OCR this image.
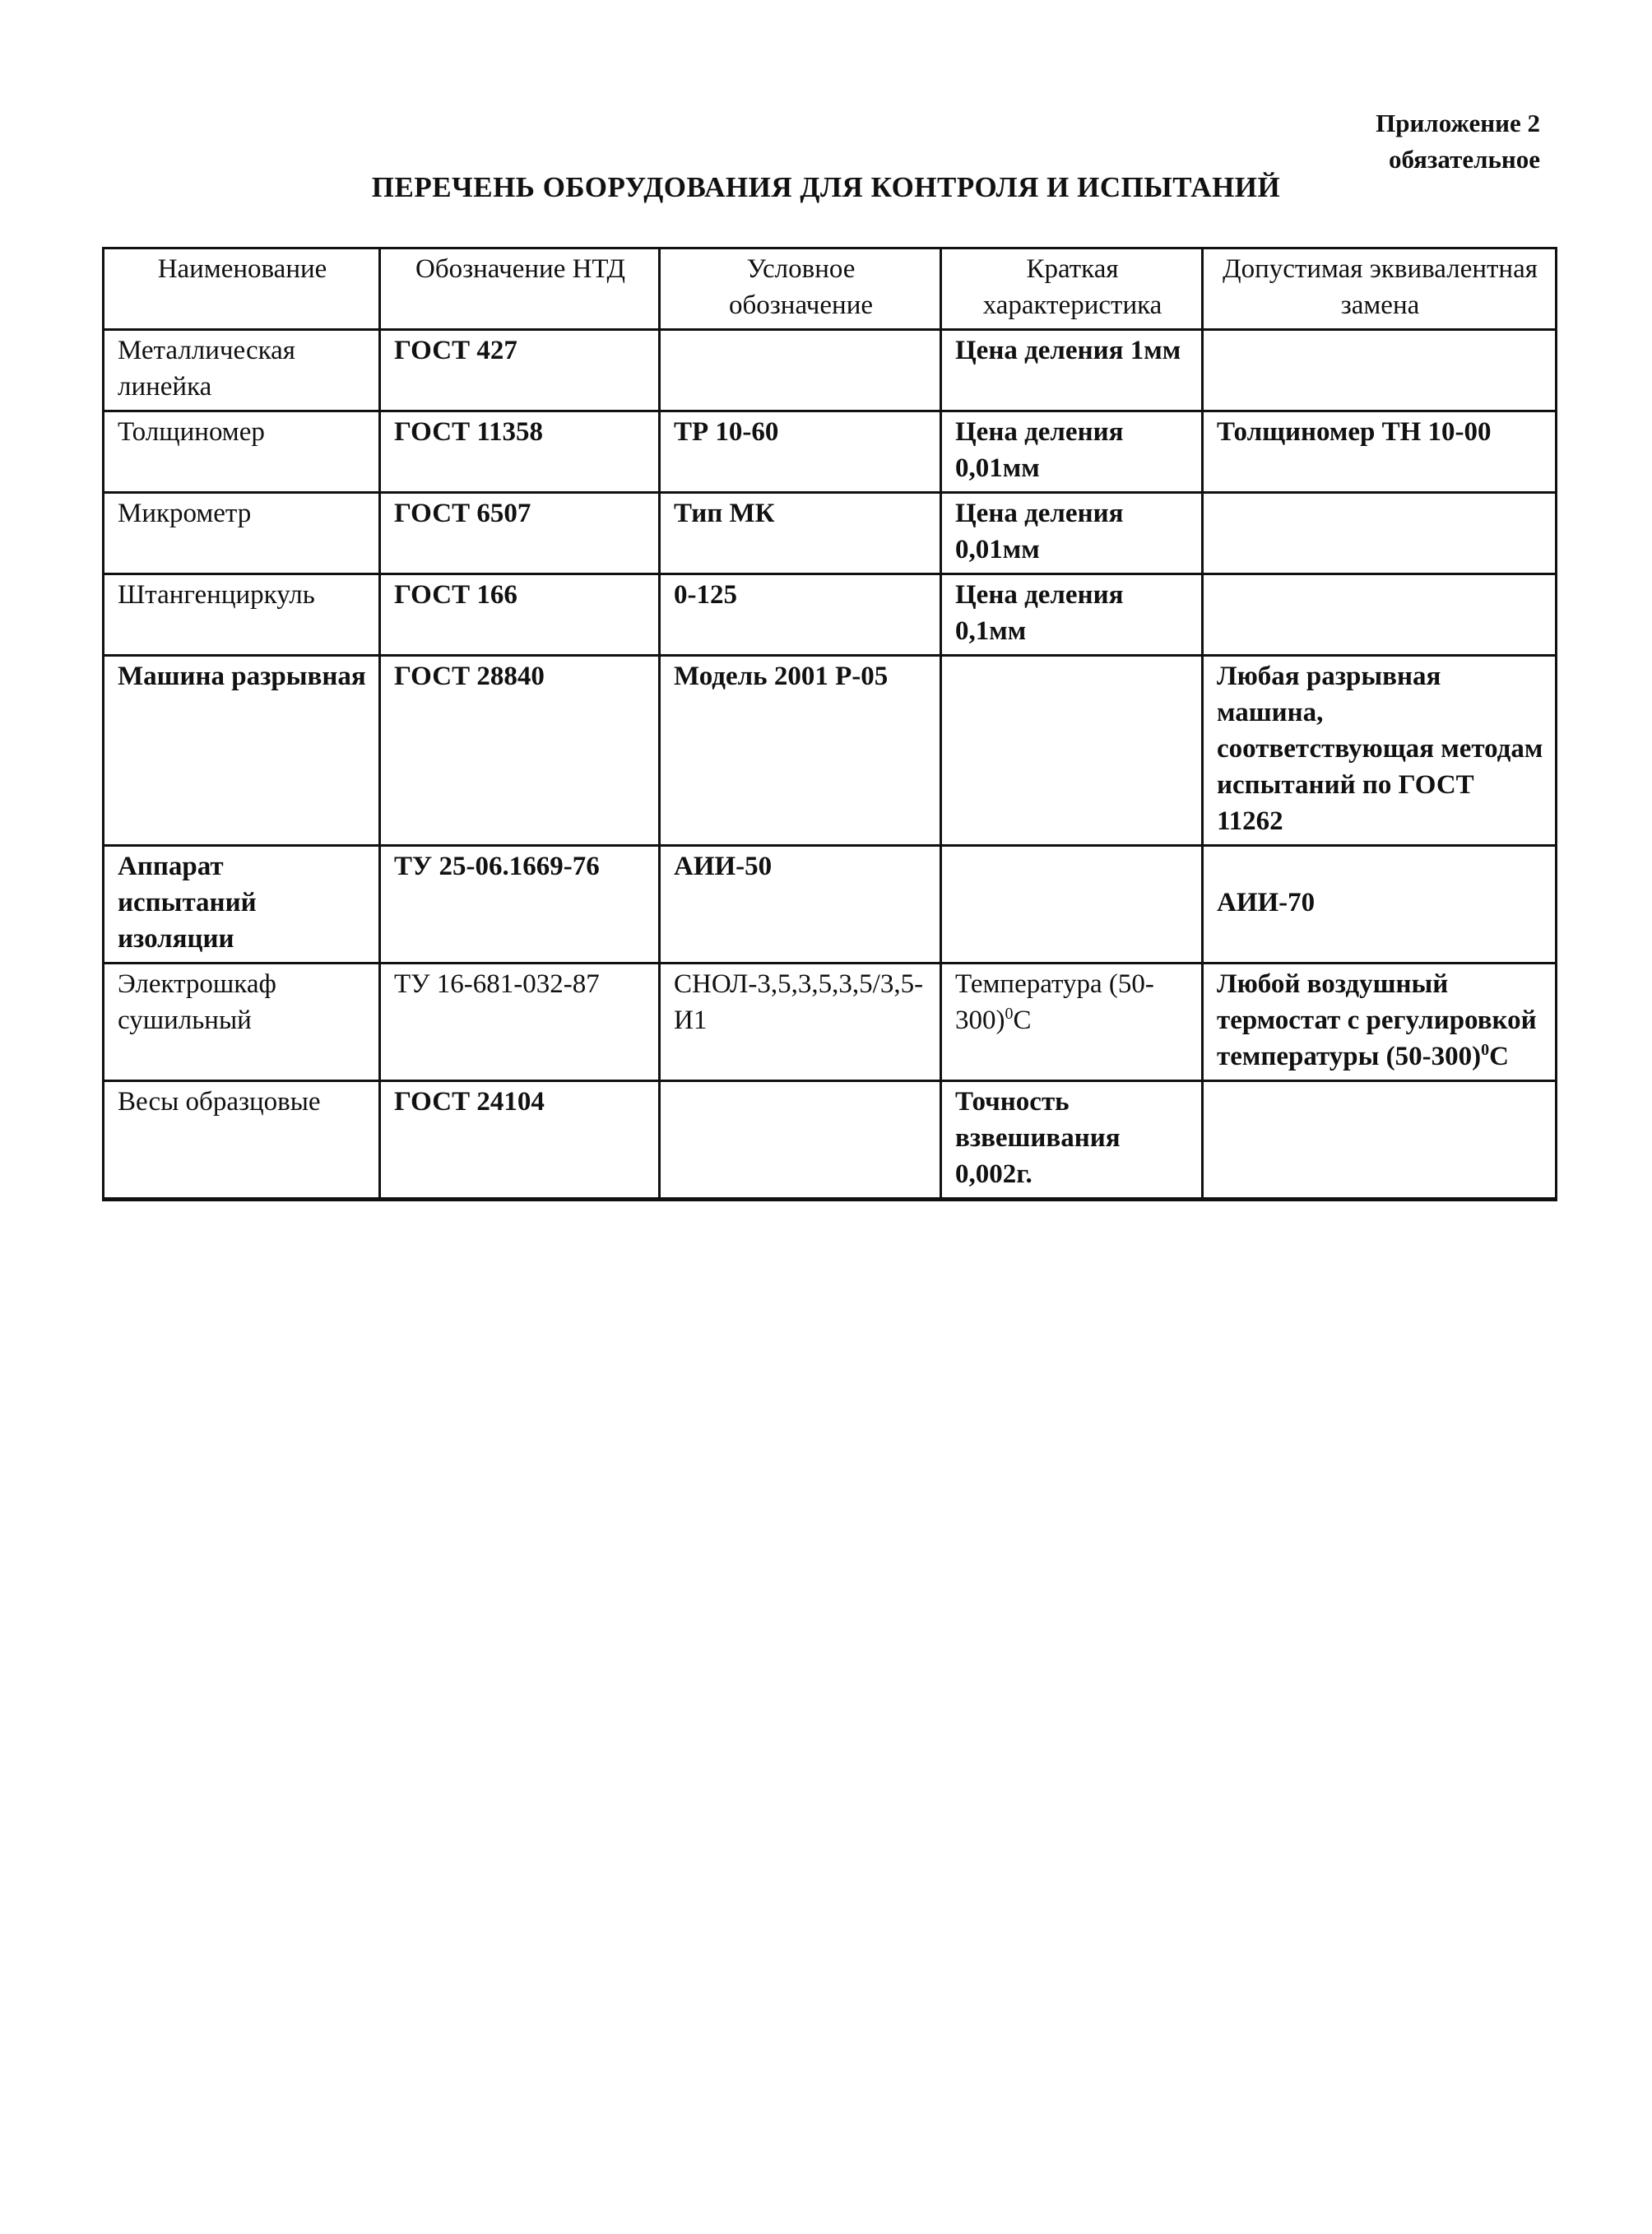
Приложение 2
обязательное
ПЕРЕЧЕНЬ ОБОРУДОВАНИЯ ДЛЯ КОНТРОЛЯ И ИСПЫТАНИЙ
Наименование	Обозначение НТД	Условное обозначение	Краткая характеристика	Допустимая эквивалентная замена
Металлическая линейка	ГОСТ 427		Цена деления 1мм	
Толщиномер	ГОСТ 11358	ТР 10-60	Цена деления 0,01мм	Толщиномер ТН 10-00
Микрометр	ГОСТ 6507	Тип МК	Цена деления 0,01мм	
Штангенциркуль	ГОСТ 166	0-125	Цена деления 0,1мм	
Машина разрывная	ГОСТ 28840	Модель 2001 Р-05		Любая разрывная машина, соответствующая методам испытаний по ГОСТ 11262
Аппарат испытаний изоляции	ТУ 25-06.1669-76	АИИ-50		АИИ-70
Электрошкаф сушильный	ТУ 16-681-032-87	СНОЛ-3,5,3,5,3,5/3,5-И1	Температура $(50-300)^0С$	Любой воздушный термостат с регулировкой температуры $(50-300)^0С$
Весы образцовые	ГОСТ 24104		Точность взвешивания 0,002г.	
